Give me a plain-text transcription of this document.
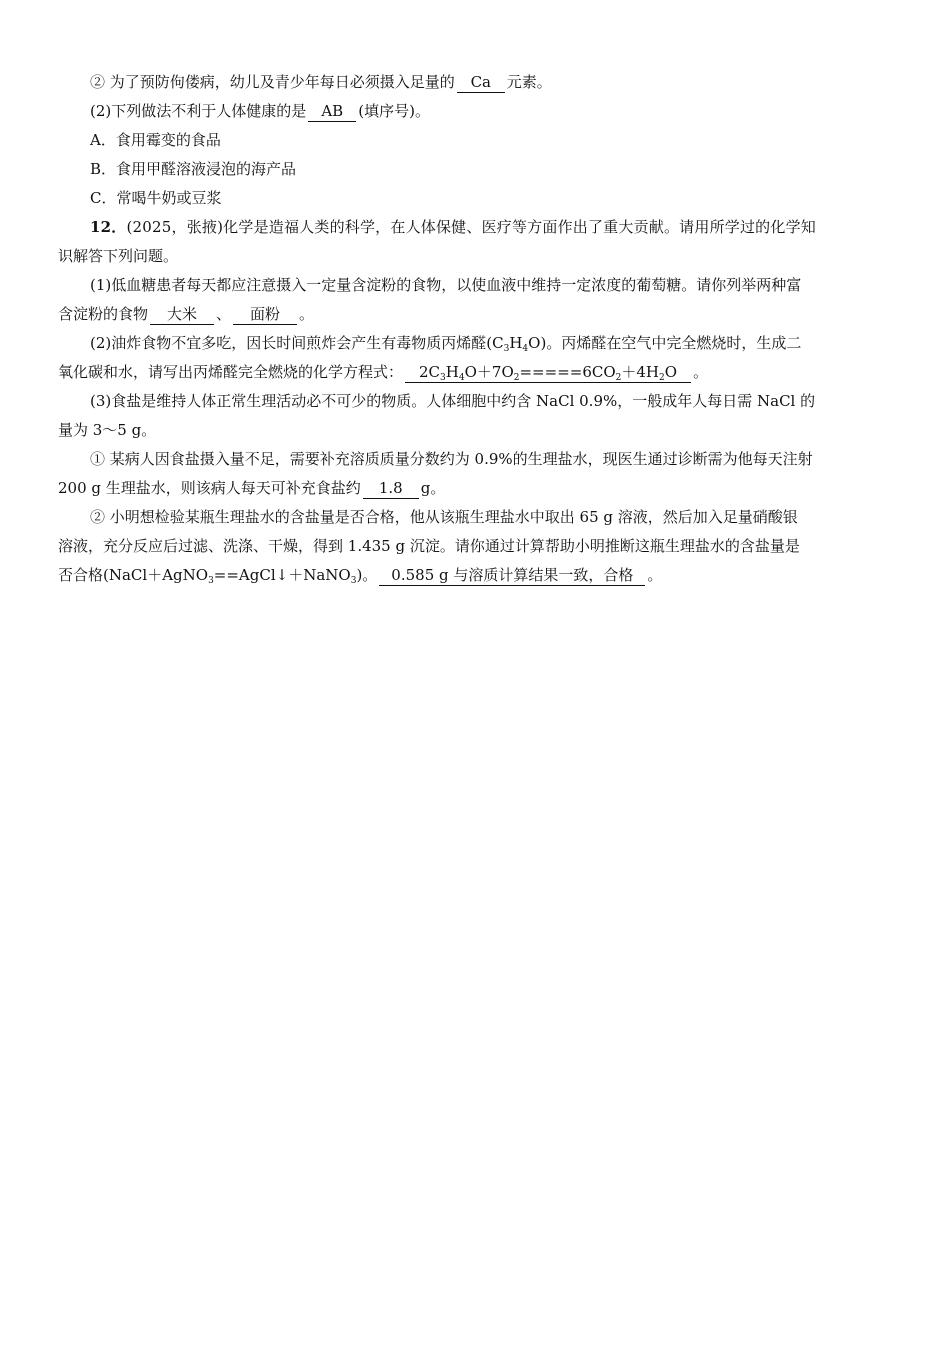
② 为了预防佝偻病，幼儿及青少年每日必须摄入足量的 Ca 元素。
(2)下列做法不利于人体健康的是 AB (填序号)。
A．食用霉变的食品
B．食用甲醛溶液浸泡的海产品
C．常喝牛奶或豆浆
12．(2025，张掖)化学是造福人类的科学，在人体保健、医疗等方面作出了重大贡献。请用所学过的化学知
识解答下列问题。
(1)低血糖患者每天都应注意摄入一定量含淀粉的食物，以使血液中维持一定浓度的葡萄糖。请你列举两种富
含淀粉的食物 大米 、 面粉 。
(2)油炸食物不宜多吃，因长时间煎炸会产生有毒物质丙烯醛$(C_3H_4O)$。丙烯醛在空气中完全燃烧时，生成二
氧化碳和水，请写出丙烯醛完全燃烧的化学方程式： $2C_3H_4O+7O_2=====6CO_2+4H_2O$ 。
(3)食盐是维持人体正常生理活动必不可少的物质。人体细胞中约含 NaCl 0.9%，一般成年人每日需 NaCl 的
量为 3～5 g。
① 某病人因食盐摄入量不足，需要补充溶质质量分数约为 0.9%的生理盐水，现医生通过诊断需为他每天注射
200 g 生理盐水，则该病人每天可补充食盐约 1.8 g。
② 小明想检验某瓶生理盐水的含盐量是否合格，他从该瓶生理盐水中取出 65 g 溶液，然后加入足量硝酸银
溶液，充分反应后过滤、洗涤、干燥，得到 1.435 g 沉淀。请你通过计算帮助小明推断这瓶生理盐水的含盐量是
否合格(NaCl＋AgNO$_3$==AgCl↓＋NaNO$_3$)。 0.585 g 与溶质计算结果一致，合格 。
